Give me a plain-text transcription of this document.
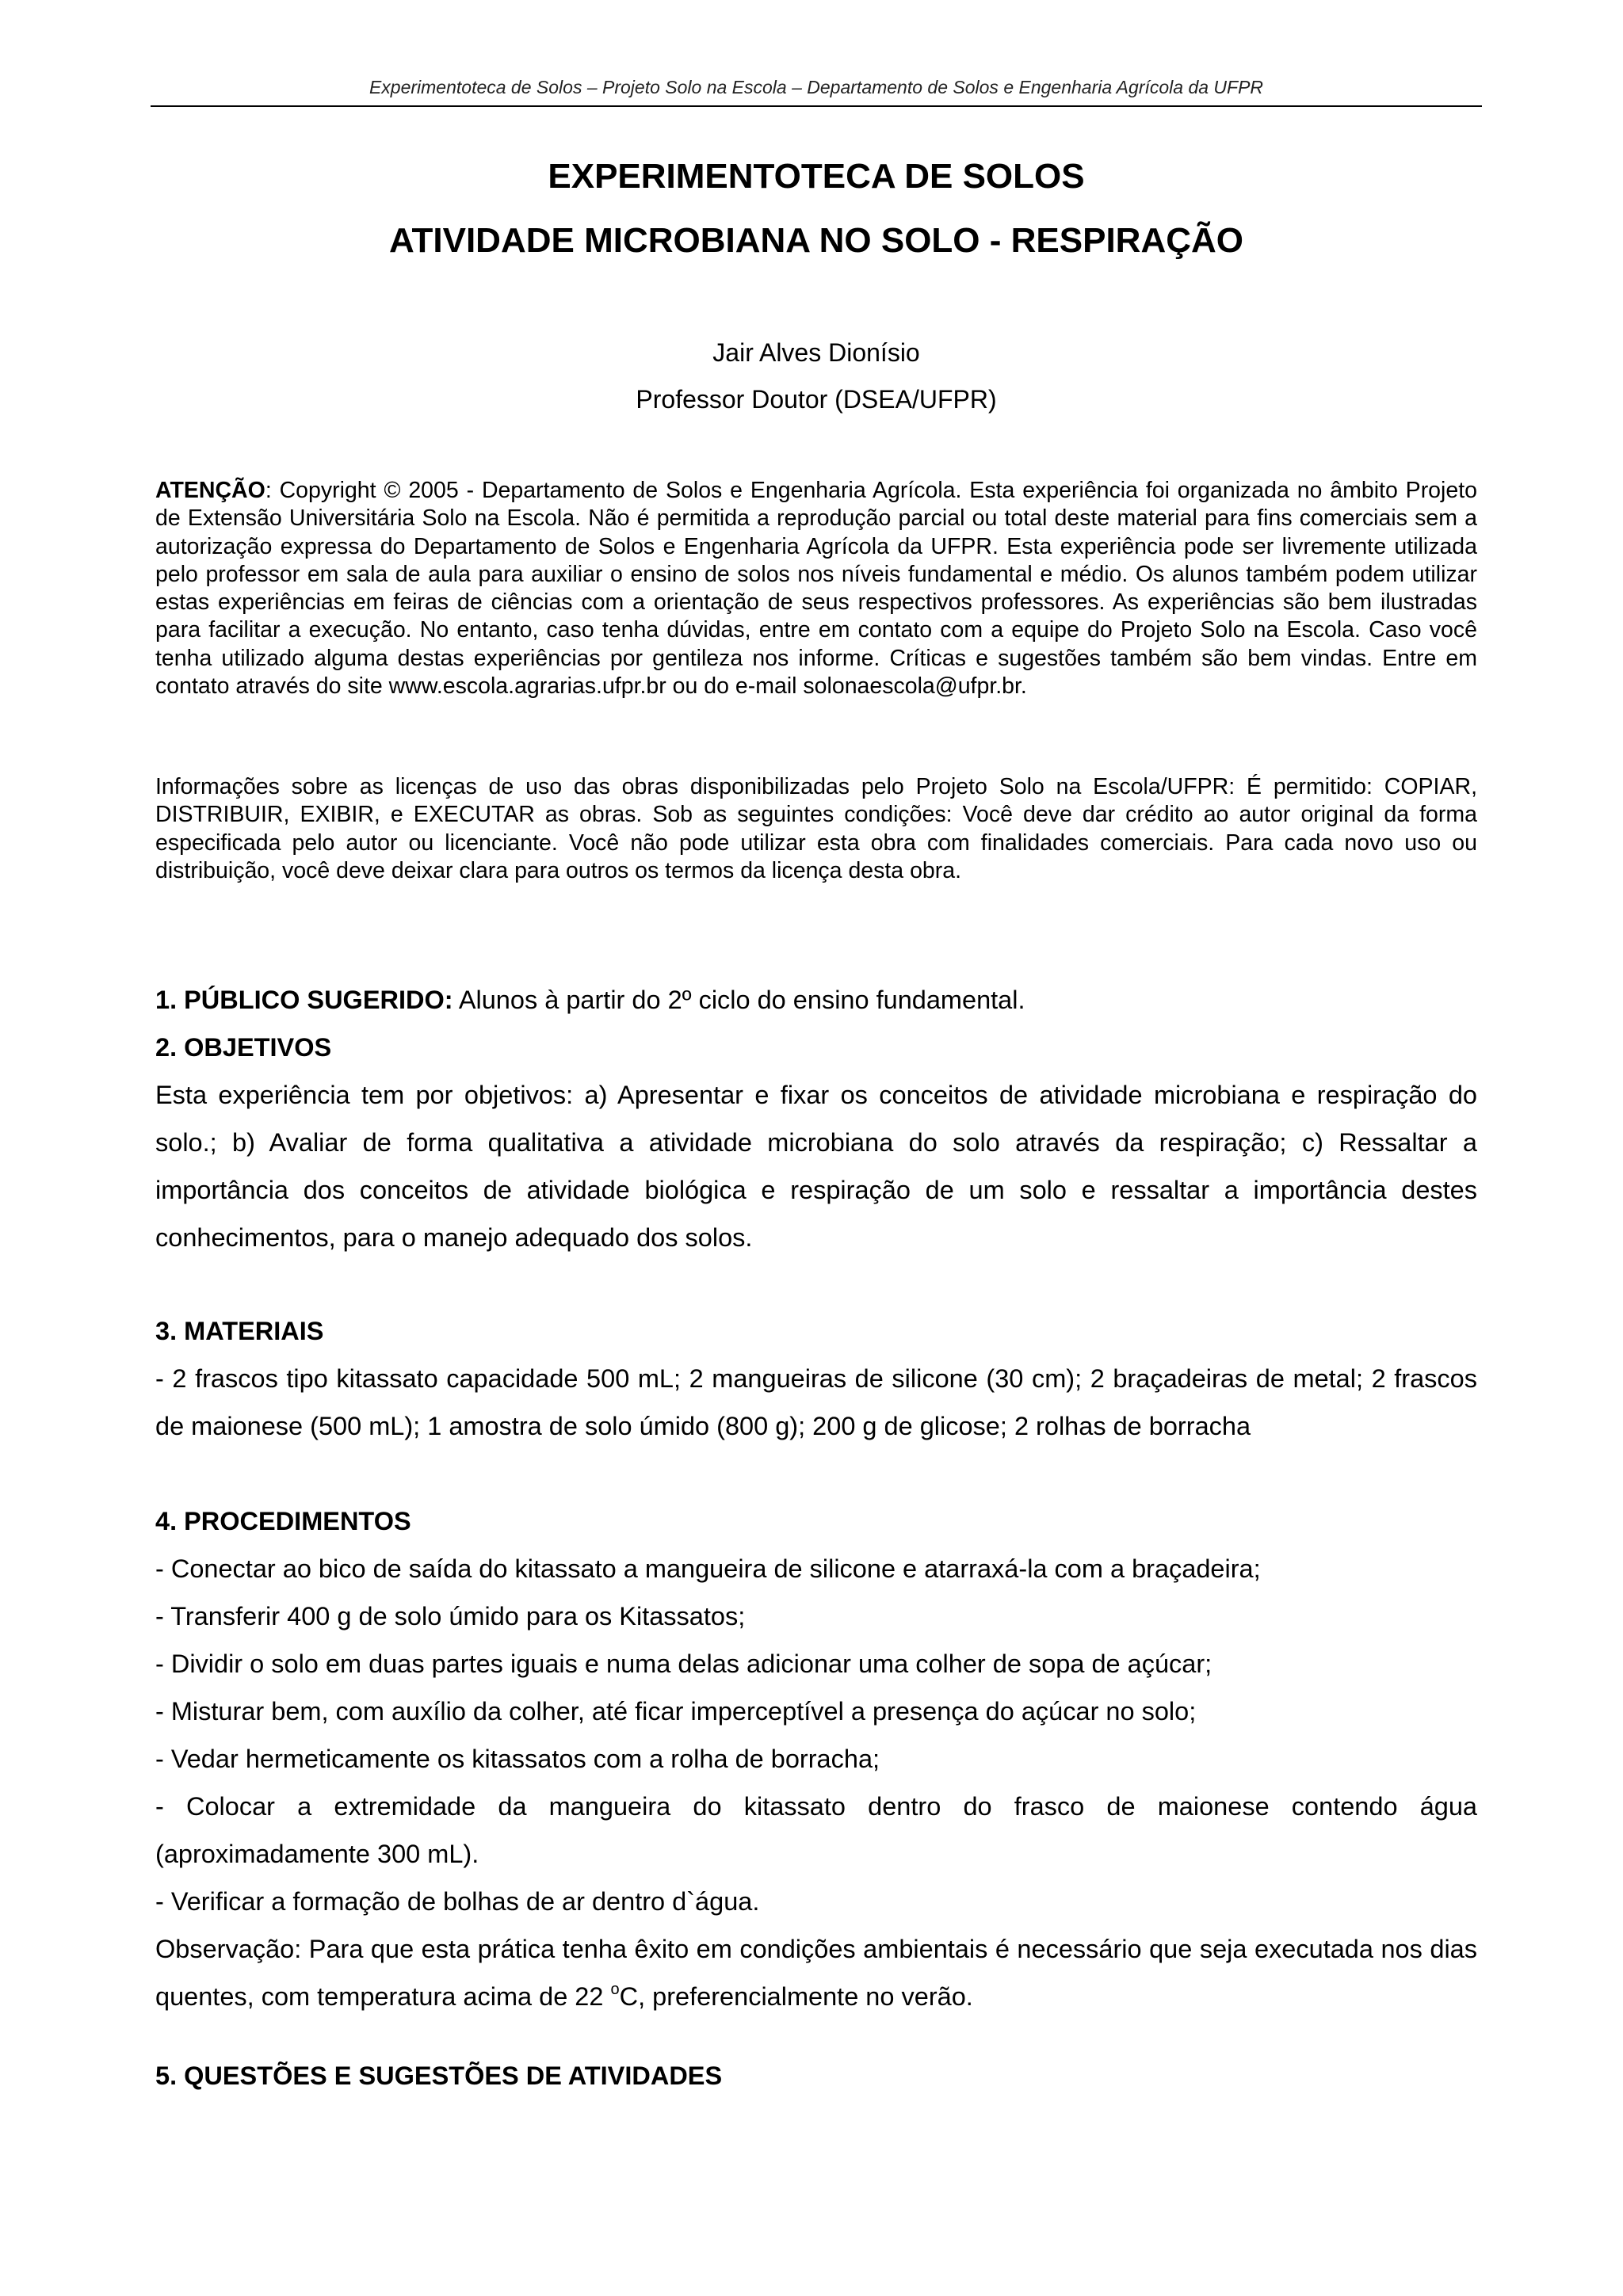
Experimentoteca de Solos – Projeto Solo na Escola – Departamento de Solos e Engenharia Agrícola da UFPR
EXPERIMENTOTECA DE SOLOS
ATIVIDADE MICROBIANA NO SOLO - RESPIRAÇÃO
Jair Alves Dionísio
Professor Doutor (DSEA/UFPR)
ATENÇÃO: Copyright © 2005 - Departamento de Solos e Engenharia Agrícola. Esta experiência foi organizada no âmbito Projeto de Extensão Universitária Solo na Escola. Não é permitida a reprodução parcial ou total deste material para fins comerciais sem a autorização expressa do Departamento de Solos e Engenharia Agrícola da UFPR. Esta experiência pode ser livremente utilizada pelo professor em sala de aula para auxiliar o ensino de solos nos níveis fundamental e médio. Os alunos também podem utilizar estas experiências em feiras de ciências com a orientação de seus respectivos professores. As experiências são bem ilustradas para facilitar a execução. No entanto, caso tenha dúvidas, entre em contato com a equipe do Projeto Solo na Escola. Caso você tenha utilizado alguma destas experiências por gentileza nos informe. Críticas e sugestões também são bem vindas. Entre em contato através do site www.escola.agrarias.ufpr.br ou do e-mail solonaescola@ufpr.br.
Informações sobre as licenças de uso das obras disponibilizadas pelo Projeto Solo na Escola/UFPR: É permitido: COPIAR, DISTRIBUIR, EXIBIR, e EXECUTAR as obras. Sob as seguintes condições: Você deve dar crédito ao autor original da forma especificada pelo autor ou licenciante. Você não pode utilizar esta obra com finalidades comerciais. Para cada novo uso ou distribuição, você deve deixar clara para outros os termos da licença desta obra.

1. PÚBLICO SUGERIDO: Alunos à partir do 2º ciclo do ensino fundamental.

2. OBJETIVOS
Esta experiência tem por objetivos: a) Apresentar e fixar os conceitos de atividade microbiana e respiração do solo.; b) Avaliar de forma qualitativa a atividade microbiana do solo através da respiração; c) Ressaltar a importância dos conceitos de atividade biológica e respiração de um solo e ressaltar a importância destes conhecimentos, para o manejo adequado dos solos.
3. MATERIAIS
- 2 frascos tipo kitassato capacidade 500 mL; 2 mangueiras de silicone (30 cm); 2 braçadeiras de metal; 2 frascos de maionese (500 mL); 1 amostra de solo úmido (800 g); 200 g de glicose; 2 rolhas de borracha
4. PROCEDIMENTOS

- Conectar ao bico de saída do kitassato a mangueira de silicone e atarraxá-la com a braçadeira;

- Transferir 400 g de solo úmido para os Kitassatos;

- Dividir o solo em duas partes iguais e numa delas adicionar uma colher de sopa de açúcar;

- Misturar bem, com auxílio da colher, até ficar imperceptível a presença do açúcar no solo;

- Vedar hermeticamente os kitassatos com a rolha de borracha;

- Colocar a extremidade da mangueira do kitassato dentro do frasco de maionese contendo água (aproximadamente 300 mL).

- Verificar a formação de bolhas de ar dentro d`água.

Observação: Para que esta prática tenha êxito em condições ambientais é necessário que seja executada nos dias quentes, com temperatura acima de 22 $^o$C, preferencialmente no verão.

5. QUESTÕES E SUGESTÕES DE ATIVIDADES
